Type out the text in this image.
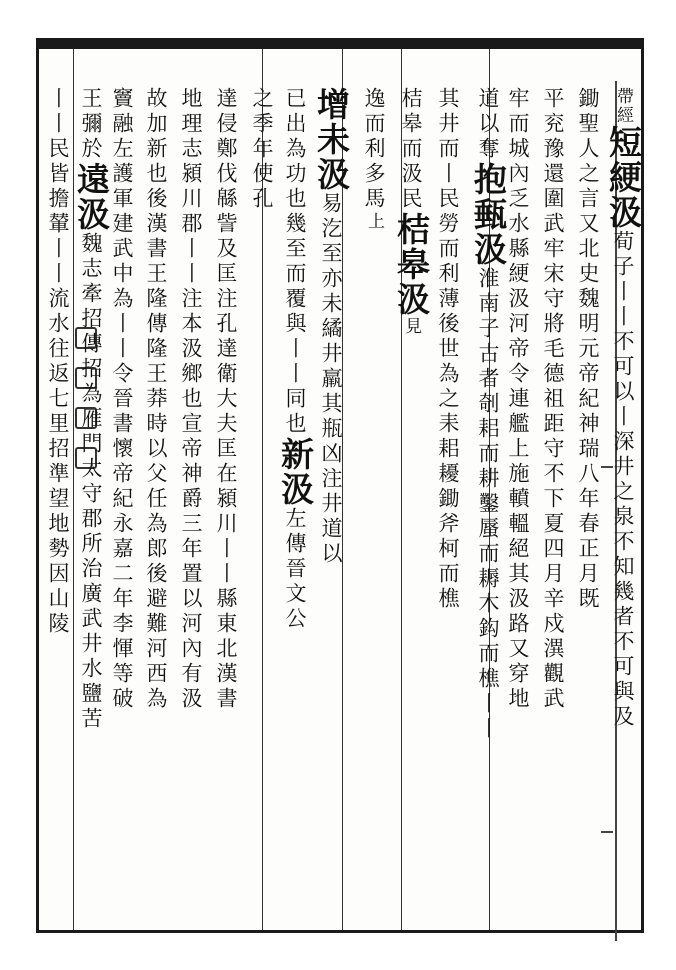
帶經短綆汲荀子丨丨不可以丨深井之泉不知幾者不可與及
鋤聖人之言又北史魏明元帝紀神瑞八年春正月既
平兖豫還圍武牢宋守將毛德祖距守不下夏四月辛戍潩觀武
牢而城內乏水縣綆汲河帝令連艦上施轒轀絕其汲路又穿地
道以奪抱甀汲淮南子古者剞耜而耕鑿蜃而耨木鈎而樵丨丨
其井而丨民勞而利薄後世為之耒耜耰鋤斧柯而樵
桔皋而汲民桔皋汲見
逸而利多馬上
增未汲易汔至亦未繘井羸其瓶凶注井道以
已出為功也幾至而覆與丨丨同也新汲左傳晉文公
之季年使孔
達侵鄭伐緜訾及匡注孔達衛大夫匡在潁川丨丨縣東北漢書
地理志潁川郡丨丨注本汲鄉也宣帝神爵三年置以河內有汲
故加新也後漢書王隆傳隆王莽時以父任為郎後避難河西為
竇融左護軍建武中為丨丨令晉書懷帝紀永嘉二年李惲等破
王彌於遠汲魏志牽招傳招為雁門太守郡所治廣武井水鹽苦
丨丨民皆擔輦丨丨流水往返七里招準望地勢因山陵
